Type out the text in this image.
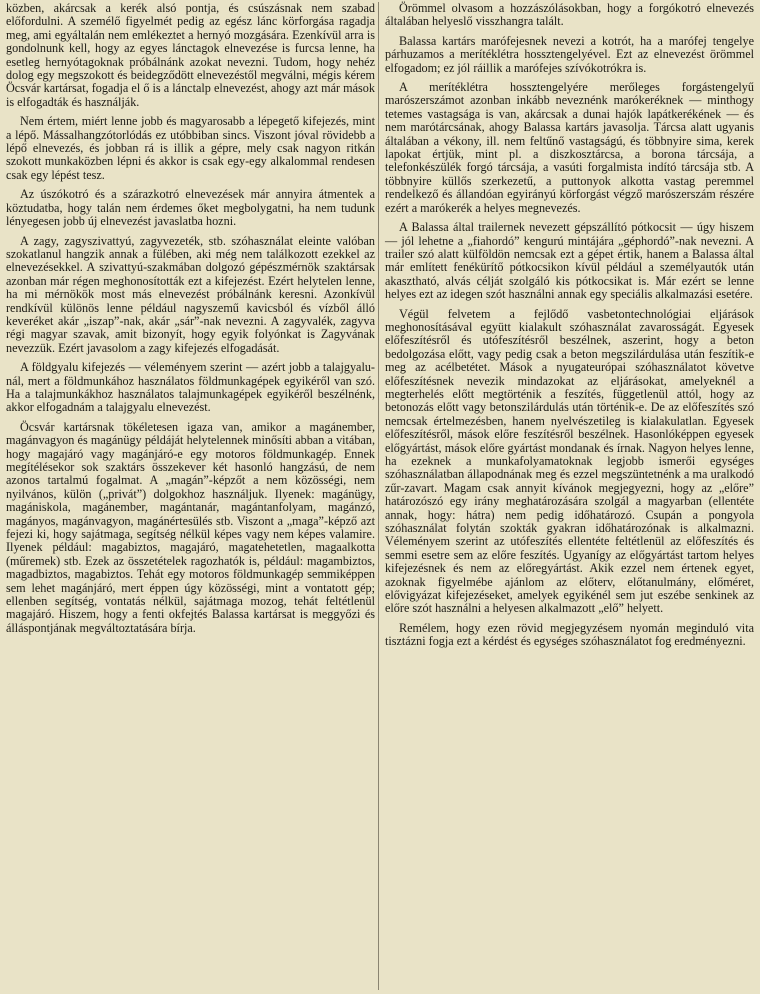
közben, akárcsak a kerék alsó pontja, és csúszásnak nem szabad előfordulni. A személő figyelmét pedig az egész lánc körforgása ragadja meg, ami egyáltalán nem emlékeztet a hernyó mozgására. Ezenkívül arra is gondolnunk kell, hogy az egyes lánctagok elnevezése is furcsa lenne, ha esetleg hernyótagoknak próbálnánk azokat nevezni. Tudom, hogy nehéz dolog egy megszokott és beidegződött elnevezéstől megválni, mégis kérem Öcsvár kartársat, fogadja el ő is a lánctalp elnevezést, ahogy azt már mások is elfogadták és használják.

Nem értem, miért lenne jobb és magyarosabb a lépegető kifejezés, mint a lépő. Mássalhangzótorlódás ez utóbbiban sincs. Viszont jóval rövidebb a lépő elnevezés, és jobban rá is illik a gépre, mely csak nagyon ritkán szokott munkaközben lépni és akkor is csak egy-egy alkalommal rendesen csak egy lépést tesz.

Az úszókotró és a szárazkotró elnevezések már annyira átmentek a köztudatba, hogy talán nem érdemes őket megbolygatni, ha nem tudunk lényegesen jobb új elnevezést javaslatba hozni.

A zagy, zagyszivattyú, zagyvezeték, stb. szóhasználat eleinte valóban szokatlanul hangzik annak a fülében, aki még nem találkozott ezekkel az elnevezésekkel. A szivattyú-szakmában dolgozó gépészmérnök szaktársak azonban már régen meghonosították ezt a kifejezést. Ezért helytelen lenne, ha mi mérnökök most más elnevezést próbálnánk keresni. Azonkívül rendkívül különös lenne például nagyszemű kavicsból és vízből álló keveréket akár „iszap”-nak, akár „sár”-nak nevezni. A zagyvalék, zagyva régi magyar szavak, amit bizonyít, hogy egyik folyónkat is Zagyvának nevezzük. Ezért javasolom a zagy kifejezés elfogadását.

A földgyalu kifejezés — véleményem szerint — azért jobb a talajgyalu-nál, mert a földmunkához használatos földmunkagépek egyikéről van szó. Ha a talajmunkákhoz használatos talajmunkagépek egyikéről beszélnénk, akkor elfogadnám a talajgyalu elnevezést.

Öcsvár kartársnak tökéletesen igaza van, amikor a magánember, magánvagyon és magánügy példáját helytelennek minősíti abban a vitában, hogy magajáró vagy magánjáró-e egy motoros földmunkagép. Ennek megítélésekor sok szaktárs összekever két hasonló hangzású, de nem azonos tartalmú fogalmat. A „magán”-képzőt a nem közösségi, nem nyilvános, külön („privát”) dolgokhoz használjuk. Ilyenek: magánügy, magániskola, magánember, magántanár, magántanfolyam, magánzó, magányos, magánvagyon, magánértesülés stb. Viszont a „maga”-képző azt fejezi ki, hogy sajátmaga, segítség nélkül képes vagy nem képes valamire. Ilyenek például: magabiztos, magajáró, magatehetetlen, magaalkotta (műremek) stb. Ezek az összetételek ragozhatók is, például: magambiztos, magadbiztos, magabiztos. Tehát egy motoros földmunkagép semmiképpen sem lehet magánjáró, mert éppen úgy közösségi, mint a vontatott gép; ellenben segítség, vontatás nélkül, sajátmaga mozog, tehát feltétlenül magajáró. Hiszem, hogy a fenti okfejtés Balassa kartársat is meggyőzi és álláspontjának megváltoztatására bírja.

Örömmel olvasom a hozzászólásokban, hogy a forgókotró elnevezés általában helyeslő visszhangra talált.

Balassa kartárs marófejesnek nevezi a kotrót, ha a marófej tengelye párhuzamos a merítéklétra hossztengelyével. Ezt az elnevezést örömmel elfogadom; ez jól ráillik a marófejes szívókotrókra is.

A merítéklétra hossztengelyére merőleges forgástengelyű marószerszámot azonban inkább neveznénk marókeréknek — minthogy tetemes vastagsága is van, akárcsak a dunai hajók lapátkerékének — és nem marótárcsának, ahogy Balassa kartárs javasolja. Tárcsa alatt ugyanis általában a vékony, ill. nem feltűnő vastagságú, és többnyire sima, kerek lapokat értjük, mint pl. a diszkosztárcsa, a borona tárcsája, a telefonkészülék forgó tárcsája, a vasúti forgalmista indító tárcsája stb. A többnyire küllős szerkezetű, a puttonyok alkotta vastag peremmel rendelkező és állandóan egyirányú körforgást végző marószerszám részére ezért a marókerék a helyes megnevezés.

A Balassa által trailernek nevezett gépszállító pótkocsit — úgy hiszem — jól lehetne a „fiahordó” kengurú mintájára „géphordó”-nak nevezni. A trailer szó alatt külföldön nemcsak ezt a gépet értik, hanem a Balassa által már említett fenékürítő pótkocsikon kívül például a személyautók után akasztható, alvás célját szolgáló kis pótkocsikat is. Már ezért se lenne helyes ezt az idegen szót használni annak egy speciális alkalmazási esetére.

Végül felvetem a fejlődő vasbetontechnológiai eljárások meghonosításával együtt kialakult szóhasználat zavarosságát. Egyesek előfeszítésről és utófeszítésről beszélnek, aszerint, hogy a beton bedolgozása előtt, vagy pedig csak a beton megszilárdulása után feszítik-e meg az acélbetétet. Mások a nyugateurópai szóhasználatot követve előfeszítésnek nevezik mindazokat az eljárásokat, amelyeknél a megterhelés előtt megtörténik a feszítés, függetlenül attól, hogy az betonozás előtt vagy betonszilárdulás után történik-e. De az előfeszítés szó nemcsak értelmezésben, hanem nyelvészetileg is kialakulatlan. Egyesek előfeszítésről, mások előre feszítésről beszélnek. Hasonlóképpen egyesek előgyártást, mások előre gyártást mondanak és írnak. Nagyon helyes lenne, ha ezeknek a munkafolyamatoknak legjobb ismerői egységes szóhasználatban állapodnának meg és ezzel megszüntetnénk a ma uralkodó zűr-zavart. Magam csak annyit kívánok megjegyezni, hogy az „előre” határozószó egy irány meghatározására szolgál a magyarban (ellentéte annak, hogy: hátra) nem pedig időhatározó. Csupán a pongyola szóhasználat folytán szokták gyakran időhatározónak is alkalmazni. Véleményem szerint az utófeszítés ellentéte feltétlenül az előfeszítés és semmi esetre sem az előre feszítés. Ugyanígy az előgyártást tartom helyes kifejezésnek és nem az előregyártást. Akik ezzel nem értenek egyet, azoknak figyelmébe ajánlom az előterv, előtanulmány, előméret, elővigyázat kifejezéseket, amelyek egyikénél sem jut eszébe senkinek az előre szót használni a helyesen alkalmazott „elő” helyett.

Remélem, hogy ezen rövid megjegyzésem nyomán meginduló vita tisztázni fogja ezt a kérdést és egységes szóhasználatot fog eredményezni.
